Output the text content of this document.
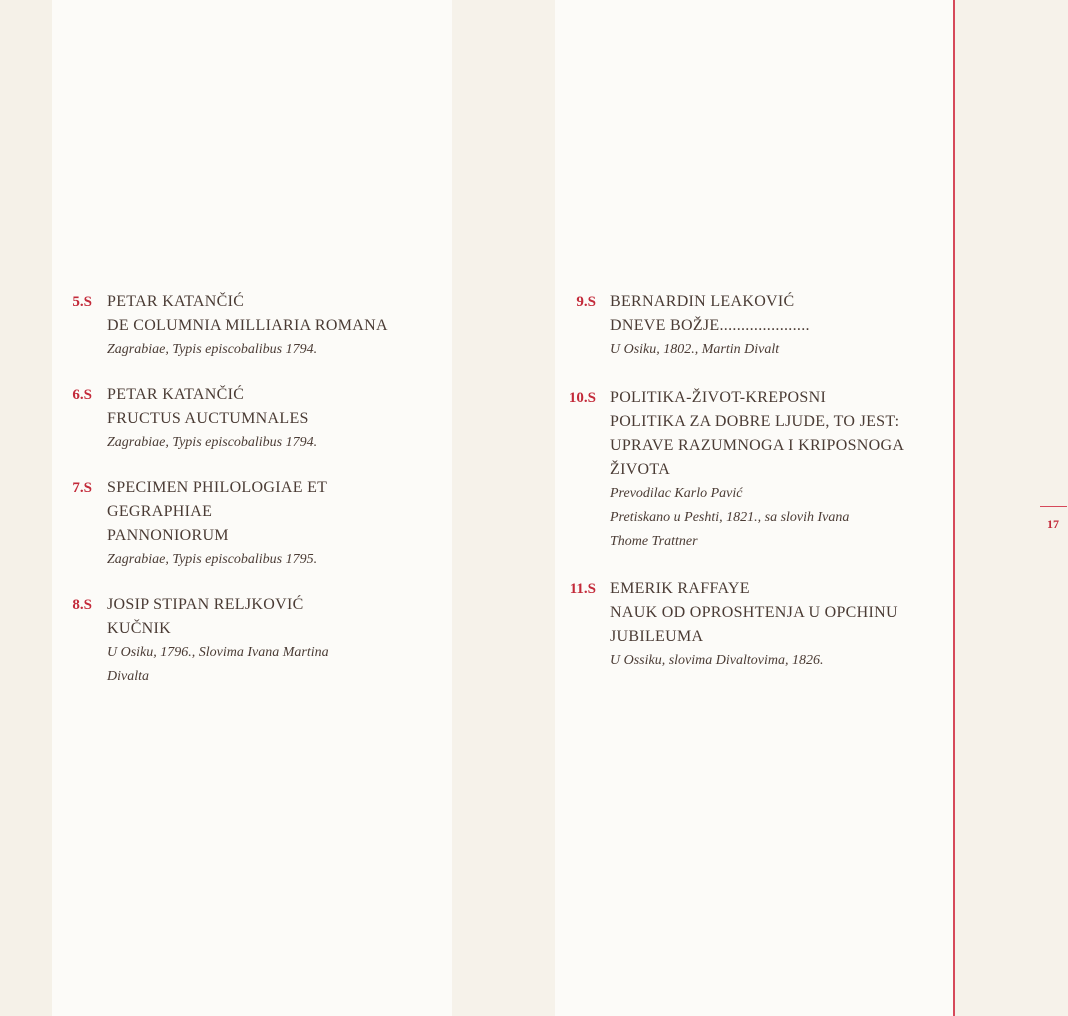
17
5.S PETAR KATANČIĆ
DE COLUMNIA MILLIARIA ROMANA
Zagrabiae, Typis episcobalibus 1794.
6.S PETAR KATANČIĆ
FRUCTUS AUCTUMNALES
Zagrabiae, Typis episcobalibus 1794.
7.S SPECIMEN PHILOLOGIAE ET
GEGRAPHIAE
PANNONIORUM
Zagrabiae, Typis episcobalibus 1795.
8.S JOSIP STIPAN RELJKOVIĆ
KUČNIK
U Osiku, 1796., Slovima Ivana Martina
Divalta
9.S BERNARDIN LEAKOVIĆ
DNEVE BOŽJE.....................
U Osiku, 1802., Martin Divalt
10.S POLITIKA-ŽIVOT-KREPOSNI
POLITIKA ZA DOBRE LJUDE, TO JEST:
UPRAVE RAZUMNOGA I KRIPOSNOGA
ŽIVOTA
Prevodilac Karlo Pavić
Pretiskano u Peshti, 1821., sa slovih Ivana
Thome Trattner
11.S EMERIK RAFFAYE
NAUK OD OPROSHTENJA U OPCHINU
JUBILEUMA
U Ossiku, slovima Divaltovima, 1826.
